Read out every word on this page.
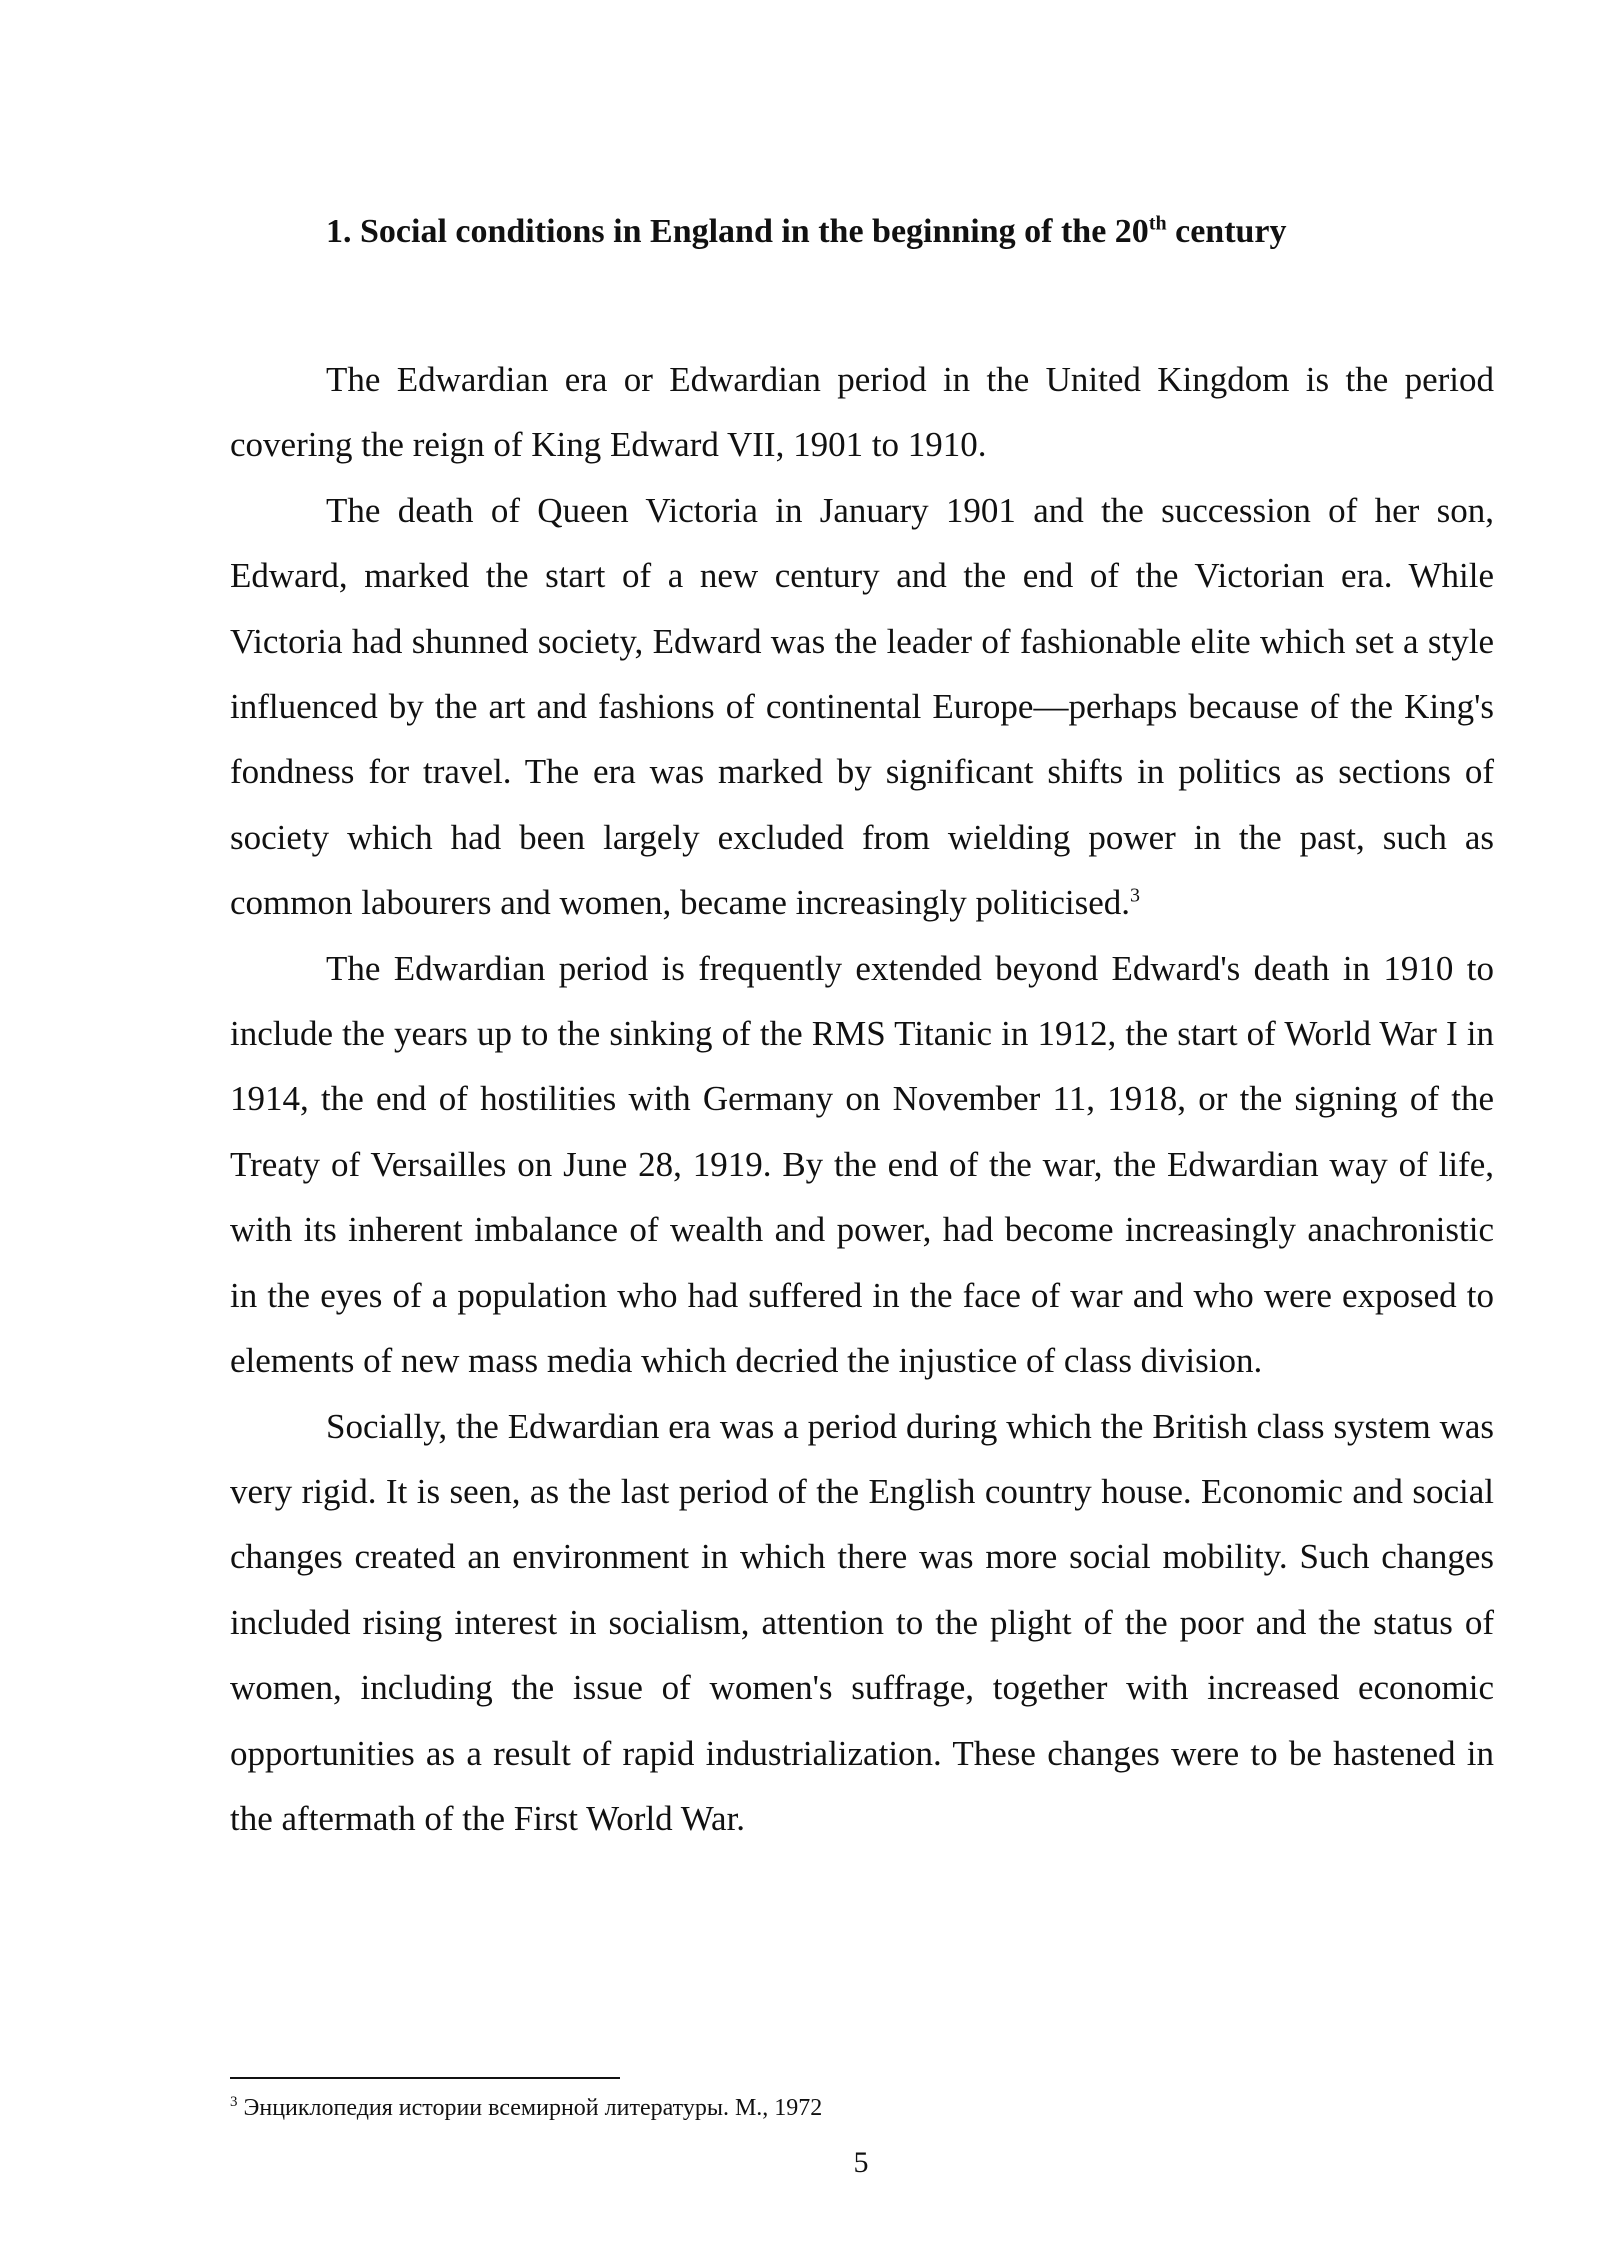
1. Social conditions in England in the beginning of the 20th century

The Edwardian era or Edwardian period in the United Kingdom is the period covering the reign of King Edward VII, 1901 to 1910.

The death of Queen Victoria in January 1901 and the succession of her son, Edward, marked the start of a new century and the end of the Victorian era. While Victoria had shunned society, Edward was the leader of fashionable elite which set a style influenced by the art and fashions of continental Europe—perhaps because of the King's fondness for travel. The era was marked by significant shifts in politics as sections of society which had been largely excluded from wielding power in the past, such as common labourers and women, became increasingly politicised.$^3$

The Edwardian period is frequently extended beyond Edward's death in 1910 to include the years up to the sinking of the RMS Titanic in 1912, the start of World War I in 1914, the end of hostilities with Germany on November 11, 1918, or the signing of the Treaty of Versailles on June 28, 1919. By the end of the war, the Edwardian way of life, with its inherent imbalance of wealth and power, had become increasingly anachronistic in the eyes of a population who had suffered in the face of war and who were exposed to elements of new mass media which decried the injustice of class division.

Socially, the Edwardian era was a period during which the British class system was very rigid. It is seen, as the last period of the English country house. Economic and social changes created an environment in which there was more social mobility. Such changes included rising interest in socialism, attention to the plight of the poor and the status of women, including the issue of women's suffrage, together with increased economic opportunities as a result of rapid industrialization. These changes were to be hastened in the aftermath of the First World War.

$^3$ Энциклопедия истории всемирной литературы. М., 1972

5
